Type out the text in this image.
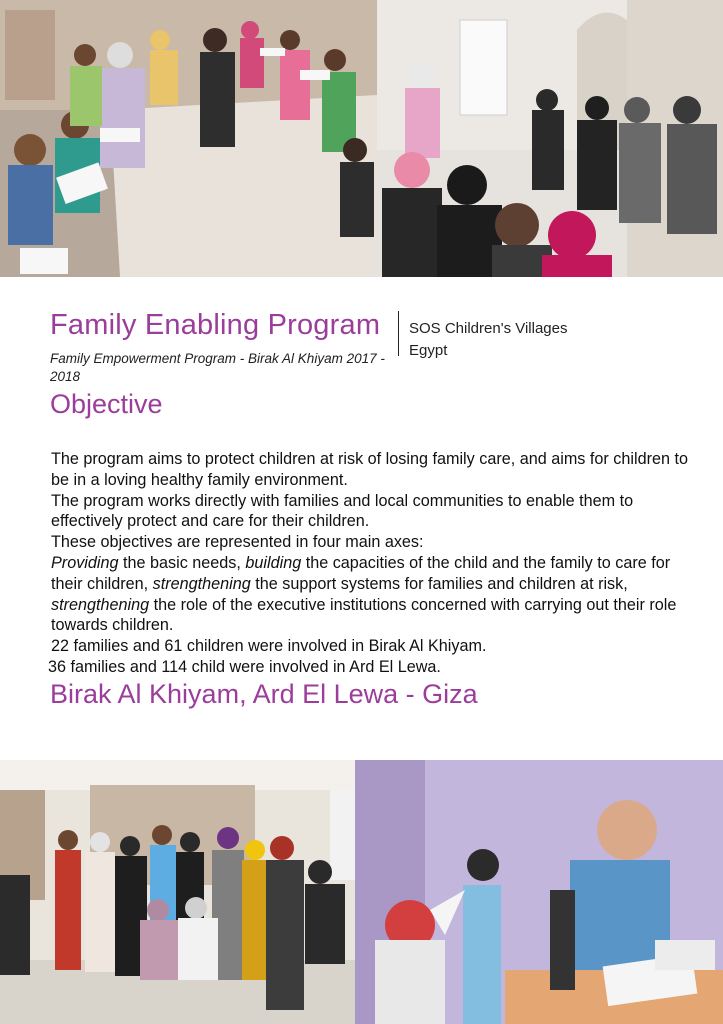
Family Enabling Program
Family Empowerment Program - Birak Al Khiyam 2017 - 2018
SOS Children's Villages Egypt
Objective

The program aims to protect children at risk of losing family care, and aims for children to be in a loving healthy family environment.

The program works directly with families and local communities to enable them to effectively protect and care for their children.

These objectives are represented in four main axes:

Providing the basic needs, building the capacities of the child and the family to care for their children, strengthening the support systems for families and children at risk, strengthening the role of the executive institutions concerned with carrying out their role towards children.

22 families and 61 children were involved in Birak Al Khiyam.

36 families and 114 child were involved in Ard El Lewa.

Birak Al Khiyam, Ard El Lewa - Giza
